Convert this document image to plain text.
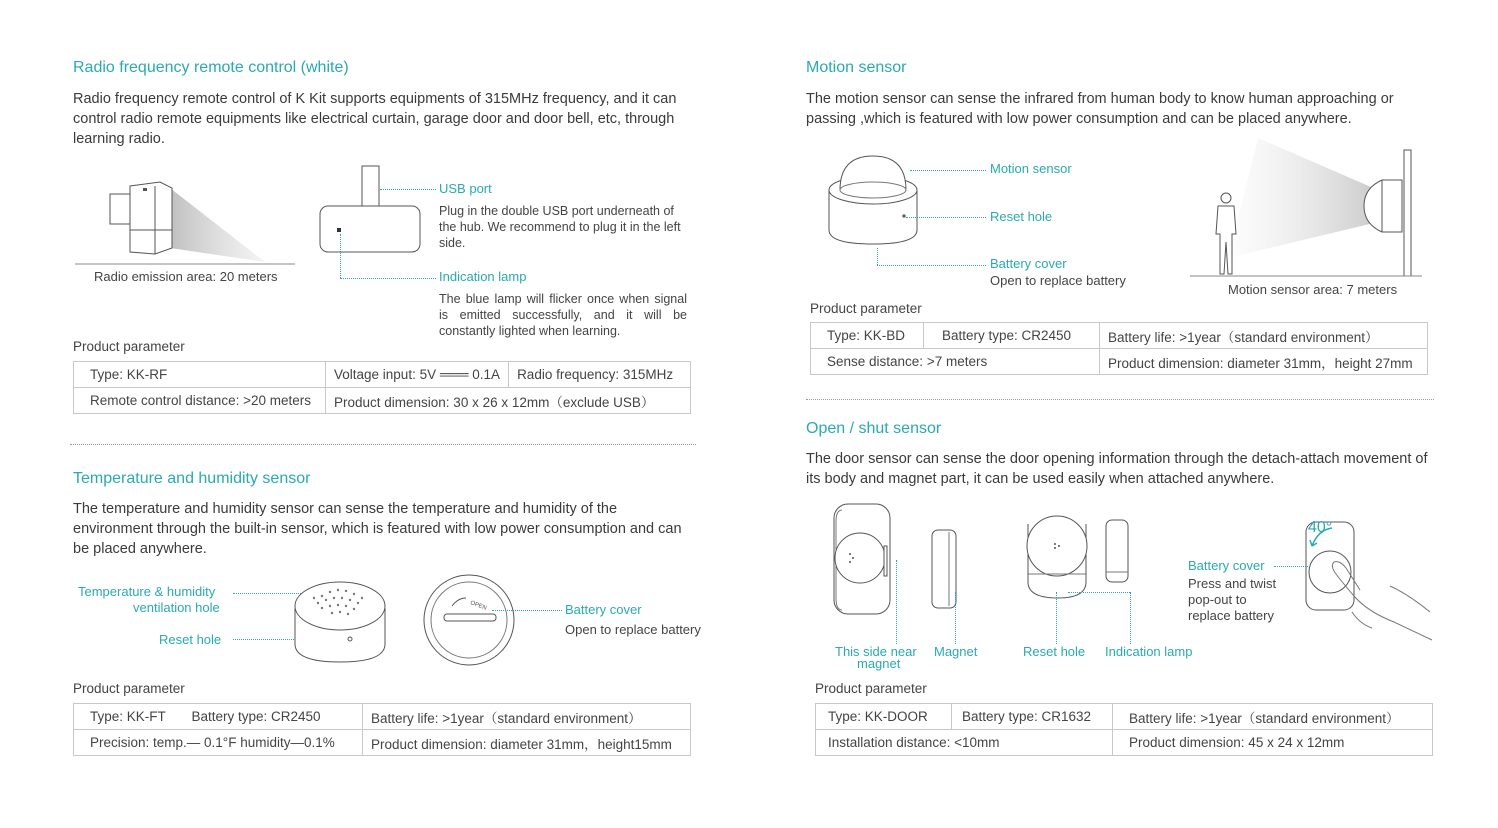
Radio frequency remote control (white)
Radio frequency remote control of K Kit supports equipments of 315MHz frequency, and it can control radio remote equipments like electrical curtain, garage door and door bell, etc, through learning radio.
Radio emission area: 20 meters
USB port
Plug in the double USB port underneath of the hub. We recommend to plug it in the left side.
Indication lamp
The blue lamp will flicker once when signal is emitted successfully, and it will be constantly lighted when learning.
Product parameter
Type: KK-RF	Voltage input: 5V ═══ 0.1A	Radio frequency: 315MHz
Remote control distance: >20 meters	Product dimension: 30 x 26 x 12mm（exclude USB）	
Temperature and humidity sensor
The temperature and humidity sensor can sense the temperature and humidity of the environment through the built-in sensor, which is featured with low power consumption and can be placed anywhere.
Temperature & humidity
ventilation hole
Reset hole
OPEN	Battery cover
Open to replace battery
Product parameter
Type: KK-FT	Battery type: CR2450	Battery life: >1year（standard environment）
Precision: temp.— 0.1°F humidity—0.1%		Product dimension: diameter 31mm，height15mm
Motion sensor
The motion sensor can sense the infrared from human body to know human approaching or passing ,which is featured with low power consumption and can be placed anywhere.
Motion sensor
Reset hole
Battery cover
Open to replace battery
Motion sensor area: 7 meters
Product parameter
Type: KK-BD	Battery type: CR2450	Battery life: >1year（standard environment）
Sense distance: >7 meters		Product dimension: diameter 31mm，height 27mm
Open / shut sensor
The door sensor can sense the door opening information through the detach-attach movement of its body and magnet part, it can be used easily when attached anywhere.
This side near
magnet
Magnet	Reset hole Indication lamp
40°
Battery cover
Press and twist
pop-out to
replace battery
Product parameter
Type: KK-DOOR	Battery type: CR1632	Battery life: >1year（standard environment）
Installation distance: <10mm		Product dimension: 45 x 24 x 12mm
